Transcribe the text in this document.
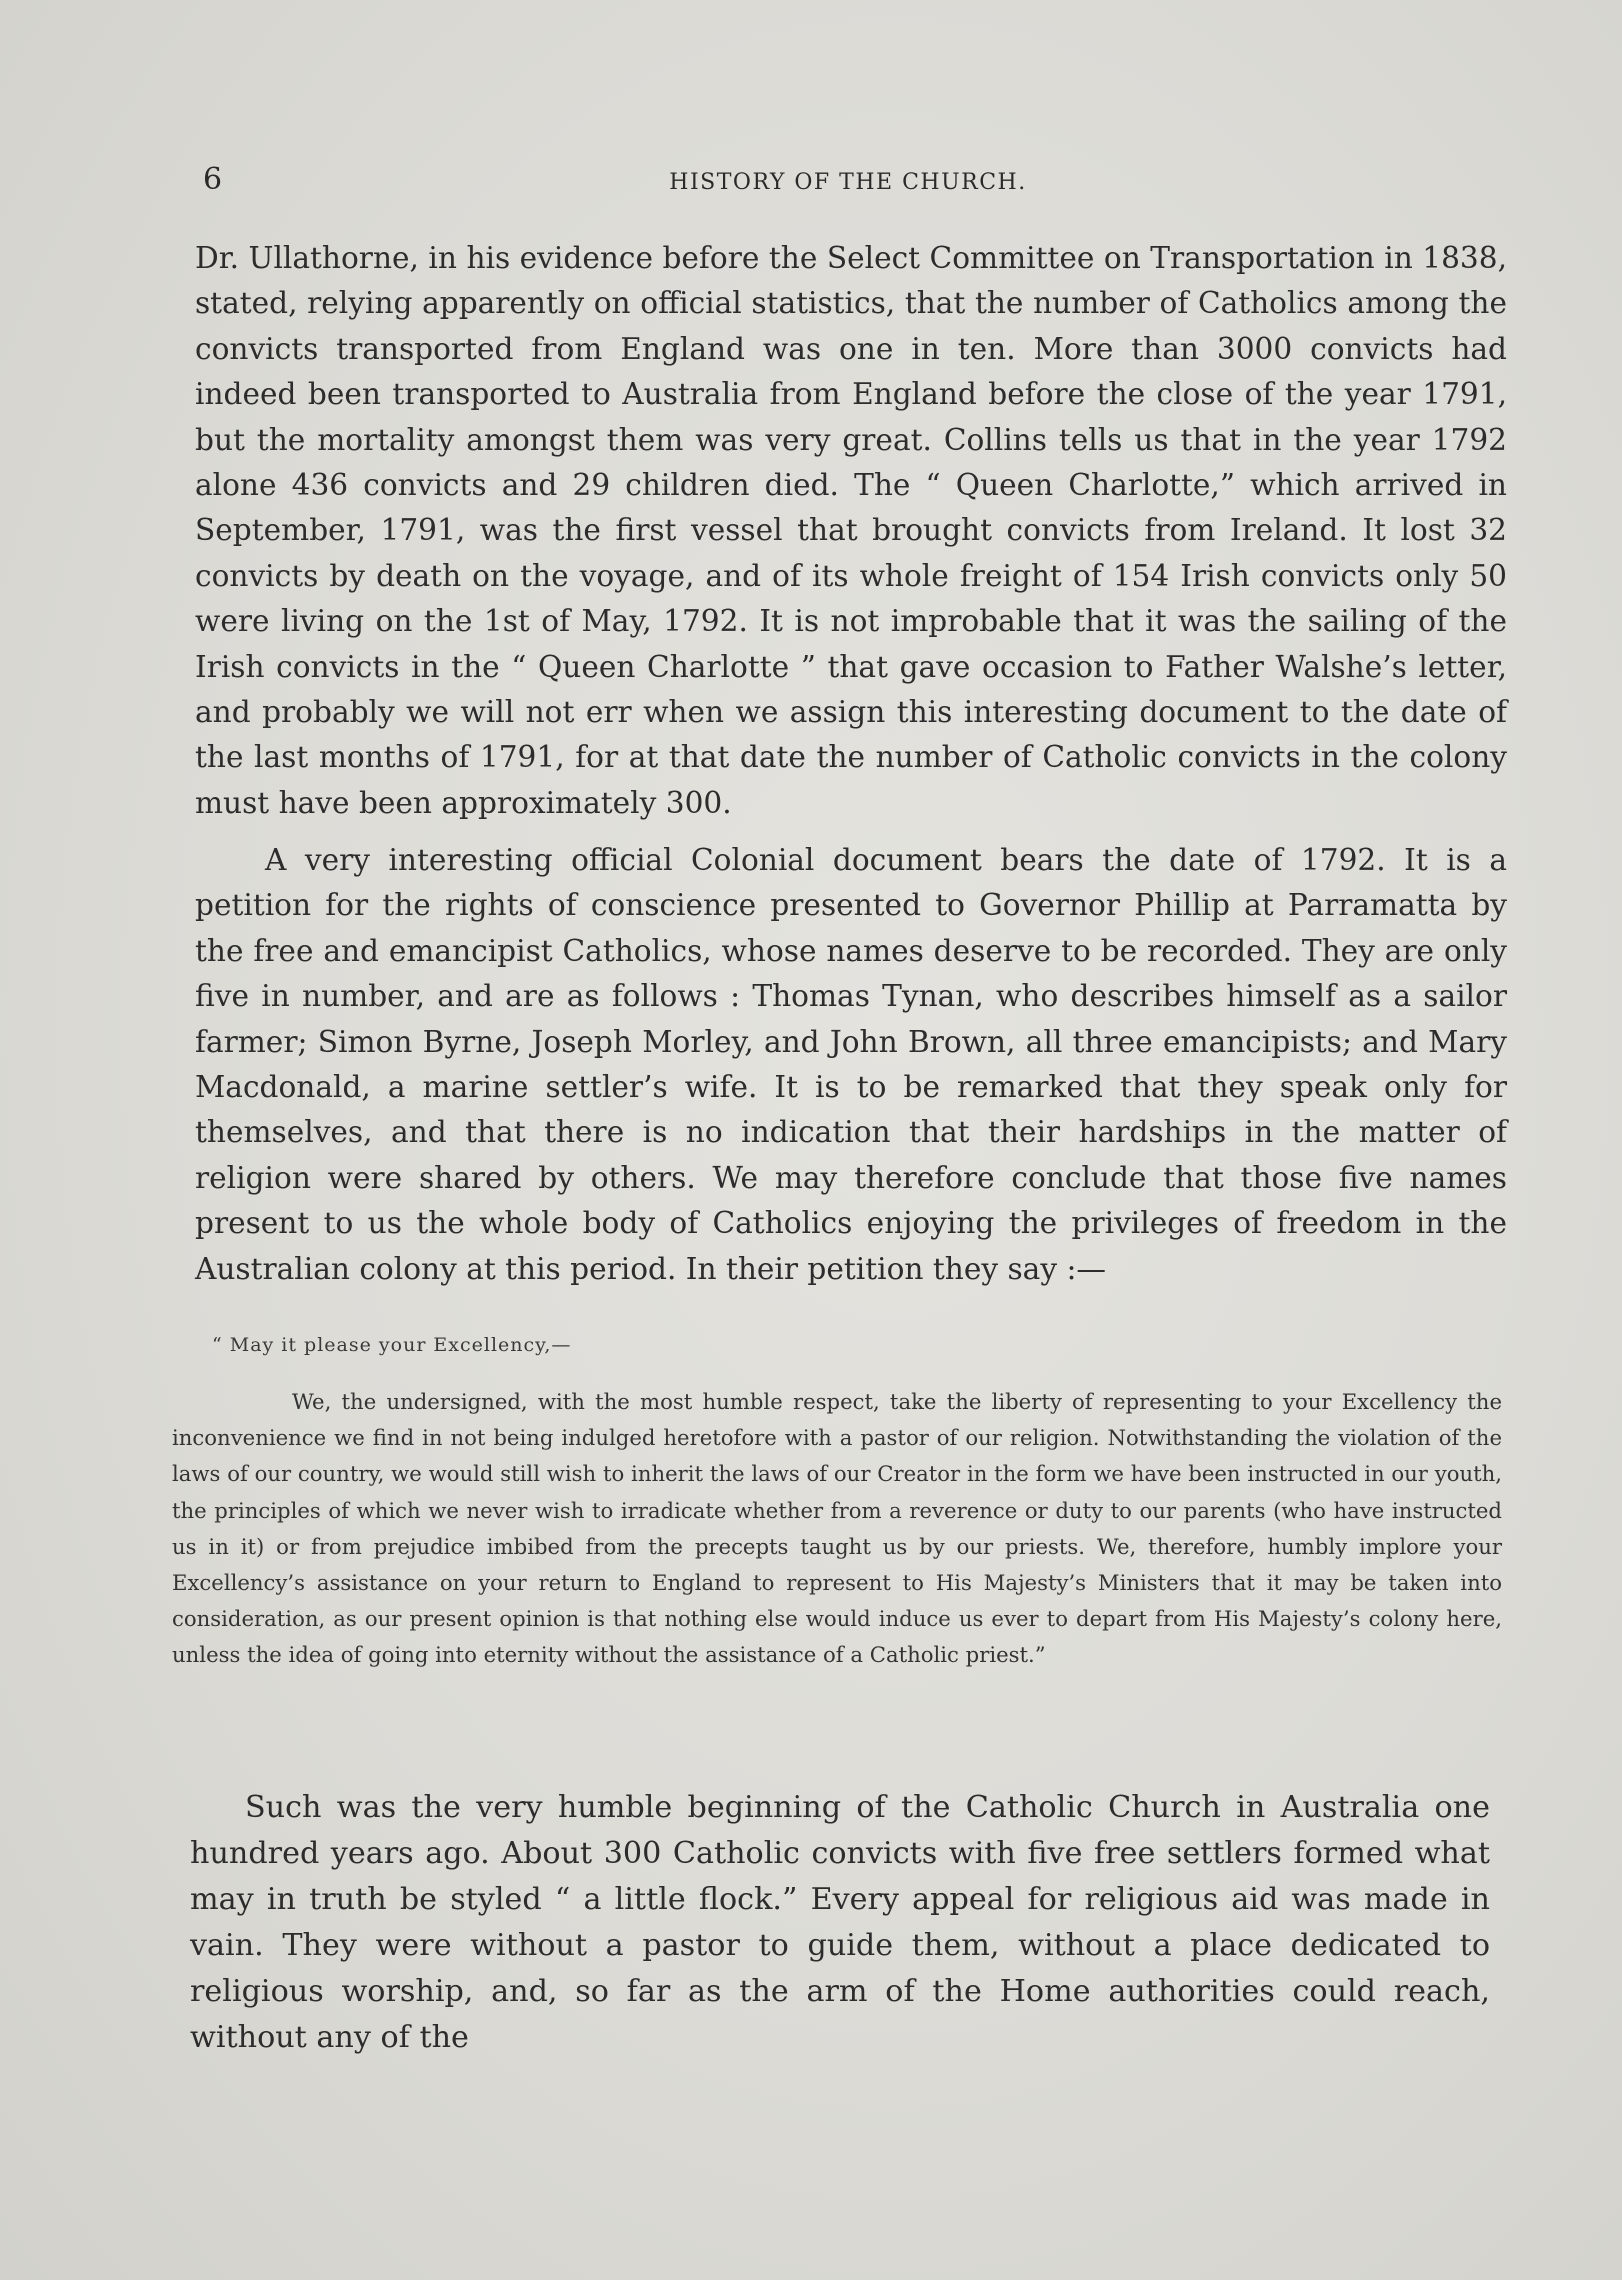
6	HISTORY OF THE CHURCH.

Dr. Ullathorne, in his evidence before the Select Committee on Transportation in 1838, stated, relying apparently on official statistics, that the number of Catholics among the convicts transported from England was one in ten. More than 3000 convicts had indeed been transported to Australia from England before the close of the year 1791, but the mortality amongst them was very great. Collins tells us that in the year 1792 alone 436 convicts and 29 children died. The “ Queen Charlotte,” which arrived in September, 1791, was the first vessel that brought convicts from Ireland. It lost 32 convicts by death on the voyage, and of its whole freight of 154 Irish convicts only 50 were living on the 1st of May, 1792. It is not improbable that it was the sailing of the Irish convicts in the “ Queen Charlotte ” that gave occasion to Father Walshe’s letter, and probably we will not err when we assign this interesting document to the date of the last months of 1791, for at that date the number of Catholic convicts in the colony must have been approximately 300.

A very interesting official Colonial document bears the date of 1792. It is a petition for the rights of conscience presented to Governor Phillip at Parramatta by the free and emancipist Catholics, whose names deserve to be recorded. They are only five in number, and are as follows : Thomas Tynan, who describes himself as a sailor farmer; Simon Byrne, Joseph Morley, and John Brown, all three emancipists; and Mary Macdonald, a marine settler’s wife. It is to be remarked that they speak only for themselves, and that there is no indication that their hardships in the matter of religion were shared by others. We may therefore conclude that those five names present to us the whole body of Catholics enjoying the privileges of freedom in the Australian colony at this period. In their petition they say :—

“ May it please your Excellency,—

We, the undersigned, with the most humble respect, take the liberty of representing to your Excellency the inconvenience we find in not being indulged heretofore with a pastor of our religion. Notwithstanding the violation of the laws of our country, we would still wish to inherit the laws of our Creator in the form we have been instructed in our youth, the principles of which we never wish to irradicate whether from a reverence or duty to our parents (who have instructed us in it) or from prejudice imbibed from the precepts taught us by our priests. We, therefore, humbly implore your Excellency’s assistance on your return to England to represent to His Majesty’s Ministers that it may be taken into consideration, as our present opinion is that nothing else would induce us ever to depart from His Majesty’s colony here, unless the idea of going into eternity without the assistance of a Catholic priest.”

Such was the very humble beginning of the Catholic Church in Australia one hundred years ago. About 300 Catholic convicts with five free settlers formed what may in truth be styled “ a little flock.” Every appeal for religious aid was made in vain. They were without a pastor to guide them, without a place dedicated to religious worship, and, so far as the arm of the Home authorities could reach, without any of the
